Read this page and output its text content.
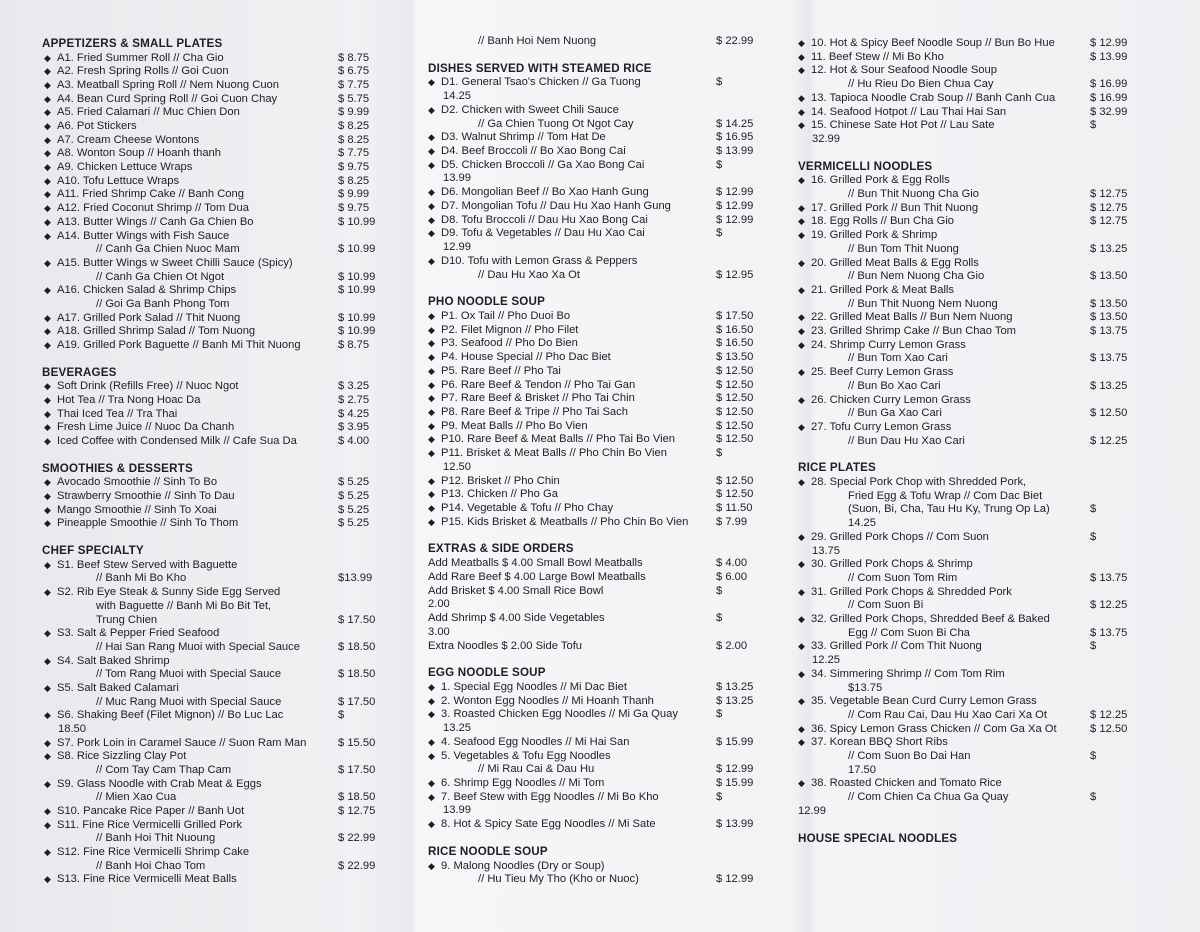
APPETIZERS & SMALL PLATES
◆ A1. Fried Summer Roll // Cha Gio	$ 8.75
◆ A2. Fresh Spring Rolls // Goi Cuon	$ 6.75
◆ A3. Meatball Spring Roll // Nem Nuong Cuon	$ 7.75
◆ A4. Bean Curd Spring Roll // Goi Cuon Chay	$ 5.75
◆ A5. Fried Calamari // Muc Chien Don	$ 9.99
◆ A6. Pot Stickers	$ 8.25
◆ A7. Cream Cheese Wontons	$ 8.25
◆ A8. Wonton Soup // Hoanh thanh	$ 7.75
◆ A9. Chicken Lettuce Wraps	$ 9.75
◆ A10. Tofu Lettuce Wraps	$ 8.25
◆ A11. Fried Shrimp Cake // Banh Cong	$ 9.99
◆ A12. Fried Coconut Shrimp // Tom Dua	$ 9.75
◆ A13. Butter Wings // Canh Ga Chien Bo	$ 10.99
◆ A14. Butter Wings with Fish Sauce
// Canh Ga Chien Nuoc Mam	$ 10.99
◆ A15. Butter Wings w Sweet Chilli Sauce (Spicy)
// Canh Ga Chien Ot Ngot	$ 10.99
◆ A16. Chicken Salad & Shrimp Chips	$ 10.99
// Goi Ga Banh Phong Tom
◆ A17. Grilled Pork Salad // Thit Nuong	$ 10.99
◆ A18. Grilled Shrimp Salad // Tom Nuong	$ 10.99
◆ A19. Grilled Pork Baguette // Banh Mi Thit Nuong	$ 8.75
BEVERAGES
◆ Soft Drink (Refills Free) // Nuoc Ngot	$ 3.25
◆ Hot Tea // Tra Nong Hoac Da	$ 2.75
◆ Thai Iced Tea // Tra Thai	$ 4.25
◆ Fresh Lime Juice // Nuoc Da Chanh	$ 3.95
◆ Iced Coffee with Condensed Milk // Cafe Sua Da	$ 4.00
SMOOTHIES & DESSERTS
◆ Avocado Smoothie // Sinh To Bo	$ 5.25
◆ Strawberry Smoothie // Sinh To Dau	$ 5.25
◆ Mango Smoothie // Sinh To Xoai	$ 5.25
◆ Pineapple Smoothie // Sinh To Thom	$ 5.25
CHEF SPECIALTY
◆ S1. Beef Stew Served with Baguette
// Banh Mi Bo Kho	$13.99
◆ S2. Rib Eye Steak & Sunny Side Egg Served
with Baguette // Banh Mi Bo Bit Tet,
Trung Chien	$ 17.50
◆ S3. Salt & Pepper Fried Seafood
// Hai San Rang Muoi with Special Sauce	$ 18.50
◆ S4. Salt Baked Shrimp
// Tom Rang Muoi with Special Sauce	$ 18.50
◆ S5. Salt Baked Calamari
// Muc Rang Muoi with Special Sauce	$ 17.50
◆ S6. Shaking Beef (Filet Mignon) // Bo Luc Lac	$
18.50
◆ S7. Pork Loin in Caramel Sauce // Suon Ram Man	$ 15.50
◆ S8. Rice Sizzling Clay Pot
// Com Tay Cam Thap Cam	$ 17.50
◆ S9. Glass Noodle with Crab Meat & Eggs
// Mien Xao Cua	$ 18.50
◆ S10. Pancake Rice Paper // Banh Uot	$ 12.75
◆ S11. Fine Rice Vermicelli Grilled Pork
// Banh Hoi Thit Nuoung	$ 22.99
◆ S12. Fine Rice Vermicelli Shrimp Cake
// Banh Hoi Chao Tom	$ 22.99
◆ S13. Fine Rice Vermicelli Meat Balls
// Banh Hoi Nem Nuong	$ 22.99
DISHES SERVED WITH STEAMED RICE
◆ D1. General Tsao's Chicken // Ga Tuong	$
14.25
◆ D2. Chicken with Sweet Chili Sauce
// Ga Chien Tuong Ot Ngot Cay	$ 14.25
◆ D3. Walnut Shrimp // Tom Hat De	$ 16.95
◆ D4. Beef Broccoli // Bo Xao Bong Cai	$ 13.99
◆ D5. Chicken Broccoli // Ga Xao Bong Cai	$
13.99
◆ D6. Mongolian Beef // Bo Xao Hanh Gung	$ 12.99
◆ D7. Mongolian Tofu // Dau Hu Xao Hanh Gung	$ 12.99
◆ D8. Tofu Broccoli // Dau Hu Xao Bong Cai	$ 12.99
◆ D9. Tofu & Vegetables // Dau Hu Xao Cai	$
12.99
◆ D10. Tofu with Lemon Grass & Peppers
// Dau Hu Xao Xa Ot	$ 12.95
PHO NOODLE SOUP
◆ P1. Ox Tail // Pho Duoi Bo	$ 17.50
◆ P2. Filet Mignon // Pho Filet	$ 16.50
◆ P3. Seafood // Pho Do Bien	$ 16.50
◆ P4. House Special // Pho Dac Biet	$ 13.50
◆ P5. Rare Beef // Pho Tai	$ 12.50
◆ P6. Rare Beef & Tendon // Pho Tai Gan	$ 12.50
◆ P7. Rare Beef & Brisket // Pho Tai Chin	$ 12.50
◆ P8. Rare Beef & Tripe // Pho Tai Sach	$ 12.50
◆ P9. Meat Balls // Pho Bo Vien	$ 12.50
◆ P10. Rare Beef & Meat Balls // Pho Tai Bo Vien	$ 12.50
◆ P11. Brisket & Meat Balls // Pho Chin Bo Vien	$
12.50
◆ P12. Brisket // Pho Chin	$ 12.50
◆ P13. Chicken // Pho Ga	$ 12.50
◆ P14. Vegetable & Tofu // Pho Chay	$ 11.50
◆ P15. Kids Brisket & Meatballs // Pho Chin Bo Vien $ 7.99
EXTRAS & SIDE ORDERS
Add Meatballs $ 4.00 Small Bowl Meatballs	$ 4.00
Add Rare Beef $ 4.00 Large Bowl Meatballs	$ 6.00
Add Brisket $ 4.00 Small Rice Bowl	$
2.00
Add Shrimp $ 4.00 Side Vegetables	$
3.00
Extra Noodles $ 2.00 Side Tofu	$ 2.00
EGG NOODLE SOUP
◆ 1. Special Egg Noodles // Mi Dac Biet	$ 13.25
◆ 2. Wonton Egg Noodles // Mi Hoanh Thanh	$ 13.25
◆ 3. Roasted Chicken Egg Noodles // Mi Ga Quay	$
13.25
◆ 4. Seafood Egg Noodles // Mi Hai San	$ 15.99
◆ 5. Vegetables & Tofu Egg Noodles
// Mi Rau Cai & Dau Hu	$ 12.99
◆ 6. Shrimp Egg Noodles // Mi Tom	$ 15.99
◆ 7. Beef Stew with Egg Noodles // Mi Bo Kho	$
13.99
◆ 8. Hot & Spicy Sate Egg Noodles // Mi Sate	$ 13.99
RICE NOODLE SOUP
◆ 9. Malong Noodles (Dry or Soup)
// Hu Tieu My Tho (Kho or Nuoc)	$ 12.99
◆ 10. Hot & Spicy Beef Noodle Soup // Bun Bo Hue	$ 12.99
◆ 11. Beef Stew // Mi Bo Kho	$ 13.99
◆ 12. Hot & Sour Seafood Noodle Soup
// Hu Rieu Do Bien Chua Cay	$ 16.99
◆ 13. Tapioca Noodle Crab Soup // Banh Canh Cua	$ 16.99
◆ 14. Seafood Hotpot // Lau Thai Hai San	$ 32.99
◆ 15. Chinese Sate Hot Pot // Lau Sate	$
32.99
VERMICELLI NOODLES
◆ 16. Grilled Pork & Egg Rolls
// Bun Thit Nuong Cha Gio	$ 12.75
◆ 17. Grilled Pork // Bun Thit Nuong	$ 12.75
◆ 18. Egg Rolls // Bun Cha Gio	$ 12.75
◆ 19. Grilled Pork & Shrimp
// Bun Tom Thit Nuong	$ 13.25
◆ 20. Grilled Meat Balls & Egg Rolls
// Bun Nem Nuong Cha Gio	$ 13.50
◆ 21. Grilled Pork & Meat Balls
// Bun Thit Nuong Nem Nuong	$ 13.50
◆ 22. Grilled Meat Balls // Bun Nem Nuong	$ 13.50
◆ 23. Grilled Shrimp Cake // Bun Chao Tom	$ 13.75
◆ 24. Shrimp Curry Lemon Grass
// Bun Tom Xao Cari	$ 13.75
◆ 25. Beef Curry Lemon Grass
// Bun Bo Xao Cari	$ 13.25
◆ 26. Chicken Curry Lemon Grass
// Bun Ga Xao Cari	$ 12.50
◆ 27. Tofu Curry Lemon Grass
// Bun Dau Hu Xao Cari	$ 12.25
RICE PLATES
◆ 28. Special Pork Chop with Shredded Pork,
Fried Egg & Tofu Wrap // Com Dac Biet
(Suon, Bi, Cha, Tau Hu Ky, Trung Op La)	$
14.25
◆ 29. Grilled Pork Chops // Com Suon	$
13.75
◆ 30. Grilled Pork Chops & Shrimp
// Com Suon Tom Rim	$ 13.75
◆ 31. Grilled Pork Chops & Shredded Pork
// Com Suon Bi	$ 12.25
◆ 32. Grilled Pork Chops, Shredded Beef & Baked
Egg // Com Suon Bi Cha	$ 13.75
◆ 33. Grilled Pork // Com Thit Nuong	$
12.25
◆ 34. Simmering Shrimp // Com Tom Rim
$13.75
◆ 35. Vegetable Bean Curd Curry Lemon Grass
// Com Rau Cai, Dau Hu Xao Cari Xa Ot	$ 12.25
◆ 36. Spicy Lemon Grass Chicken // Com Ga Xa Ot	$ 12.50
◆ 37. Korean BBQ Short Ribs
// Com Suon Bo Dai Han	$
17.50
◆ 38. Roasted Chicken and Tomato Rice
// Com Chien Ca Chua Ga Quay	$
12.99
HOUSE SPECIAL NOODLES
